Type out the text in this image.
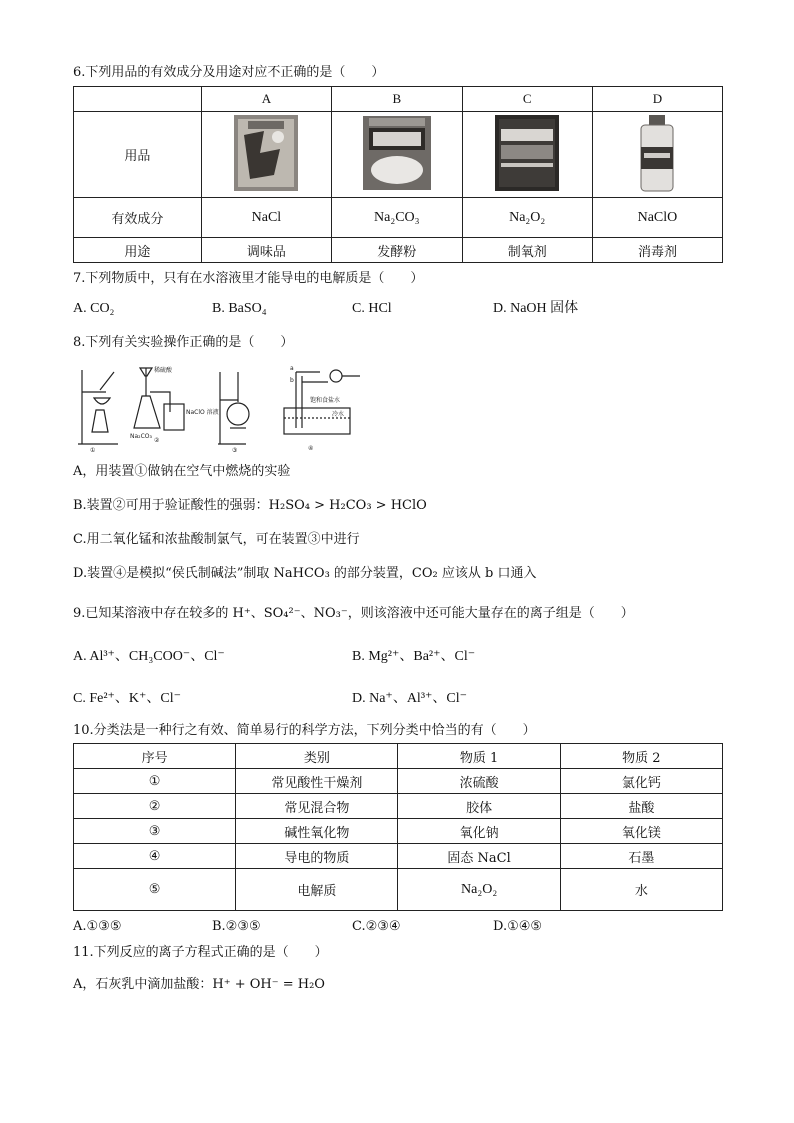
6.下列用品的有效成分及用途对应不正确的是（　　）
	A	B	C	D
用品				
有效成分	NaCl	Na₂CO₃	Na₂O₂	NaClO
用途	调味品	发酵粉	制氧剂	消毒剂
7.下列物质中，只有在水溶液里才能导电的电解质是（　　）
A. CO₂	B. BaSO₄	C. HCl	D. NaOH 固体
8.下列有关实验操作正确的是（　　）
①
②
③	④
稀硫酸
NaClO 溶液
Na₂CO₃
饱和食盐水
冷水
a
b
A，用装置①做钠在空气中燃烧的实验
B.装置②可用于验证酸性的强弱：H₂SO₄ > H₂CO₃ > HClO
C.用二氧化锰和浓盐酸制氯气，可在装置③中进行
D.装置④是模拟“侯氏制碱法”制取 NaHCO₃ 的部分装置，CO₂ 应该从 b 口通入
9.已知某溶液中存在较多的 H⁺、SO₄²⁻、NO₃⁻，则该溶液中还可能大量存在的离子组是（　　）
A. Al³⁺、CH₃COO⁻、Cl⁻	B. Mg²⁺、Ba²⁺、Cl⁻
C. Fe²⁺、K⁺、Cl⁻	D. Na⁺、Al³⁺、Cl⁻
10.分类法是一种行之有效、简单易行的科学方法，下列分类中恰当的有（　　）
序号	类别	物质 1	物质 2
①	常见酸性干燥剂	浓硫酸	氯化钙
②	常见混合物	胶体	盐酸
③	碱性氧化物	氧化钠	氧化镁
④	导电的物质	固态 NaCl	石墨
⑤	电解质	Na₂O₂	水
A.①③⑤	B.②③⑤	C.②③④	D.①④⑤
11.下列反应的离子方程式正确的是（　　）
A，石灰乳中滴加盐酸：H⁺ + OH⁻ = H₂O
